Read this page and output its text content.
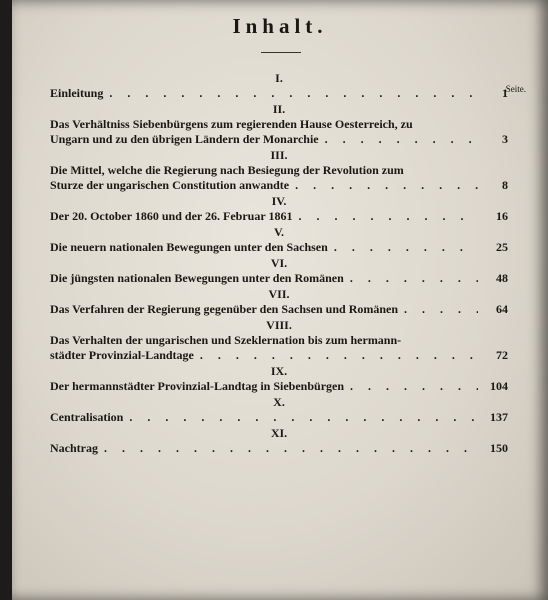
Inhalt.
Seite.
I.
Einleitung . . .	1
II.
Das Verhältniss Siebenbürgens zum regierenden Hause Oesterreich, zu
Ungarn und zu den übrigen Ländern der Monarchie . . .	3
III.
Die Mittel, welche die Regierung nach Besiegung der Revolution zum
Sturze der ungarischen Constitution anwandte . . .	8
IV.
Der 20. October 1860 und der 26. Februar 1861 . . .	16
V.
Die neuern nationalen Bewegungen unter den Sachsen . . .	25
VI.
Die jüngsten nationalen Bewegungen unter den Romänen . . .	48
VII.
Das Verfahren der Regierung gegenüber den Sachsen und Romänen . . .	64
VIII.
Das Verhalten der ungarischen und Szeklernation bis zum hermann-
städter Provinzial-Landtage . . .	72
IX.
Der hermannstädter Provinzial-Landtag in Siebenbürgen . . .	104
X.
Centralisation . . .	137
XI.
Nachtrag . . .	150
